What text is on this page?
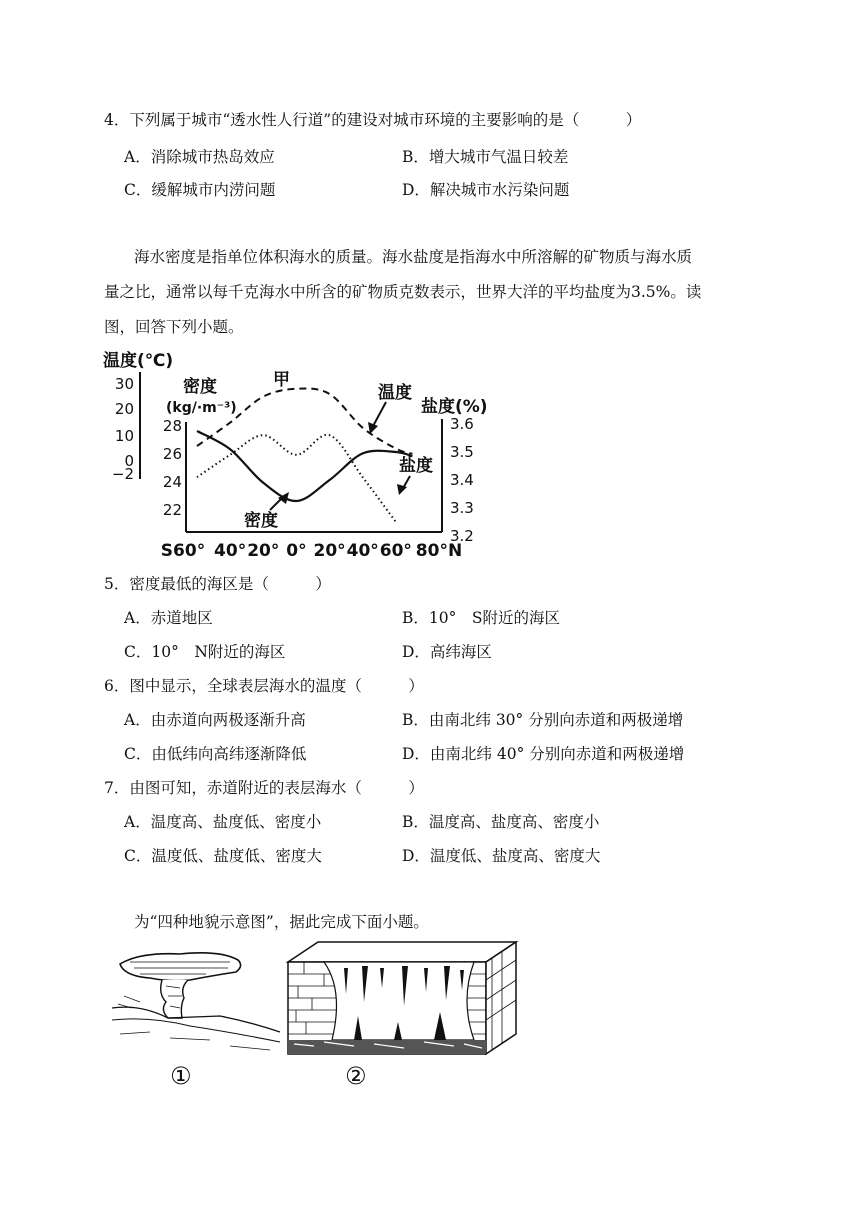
4．下列属于城市“透水性人行道”的建设对城市环境的主要影响的是（　　　）
A．消除城市热岛效应	B．增大城市气温日较差
C．缓解城市内涝问题	D．解决城市水污染问题
海水密度是指单位体积海水的质量。海水盐度是指海水中所溶解的矿物质与海水质
量之比，通常以每千克海水中所含的矿物质克数表示，世界大洋的平均盐度为3.5%。读
图，回答下列小题。
温度(℃)
密度
(kg/·m⁻³)	盐度(%)
30
20
10
0
−2
28
26
24
22
3.6
3.5
3.4
3.3
3.2
S60° 40° 20° 0° 20° 40° 60° 80°N
甲
温度
盐度
密度
5．密度最低的海区是（　　　）
A．赤道地区	B．10°　S附近的海区
C．10°　N附近的海区	D．高纬海区
6．图中显示，全球表层海水的温度（　　　）
A．由赤道向两极逐渐升高	B．由南北纬 30° 分别向赤道和两极递增
C．由低纬向高纬逐渐降低	D．由南北纬 40° 分别向赤道和两极递增
7．由图可知，赤道附近的表层海水（　　　）
A．温度高、盐度低、密度小	B．温度高、盐度高、密度小
C．温度低、盐度低、密度大	D．温度低、盐度高、密度大
为“四种地貌示意图”，据此完成下面小题。
①	②
